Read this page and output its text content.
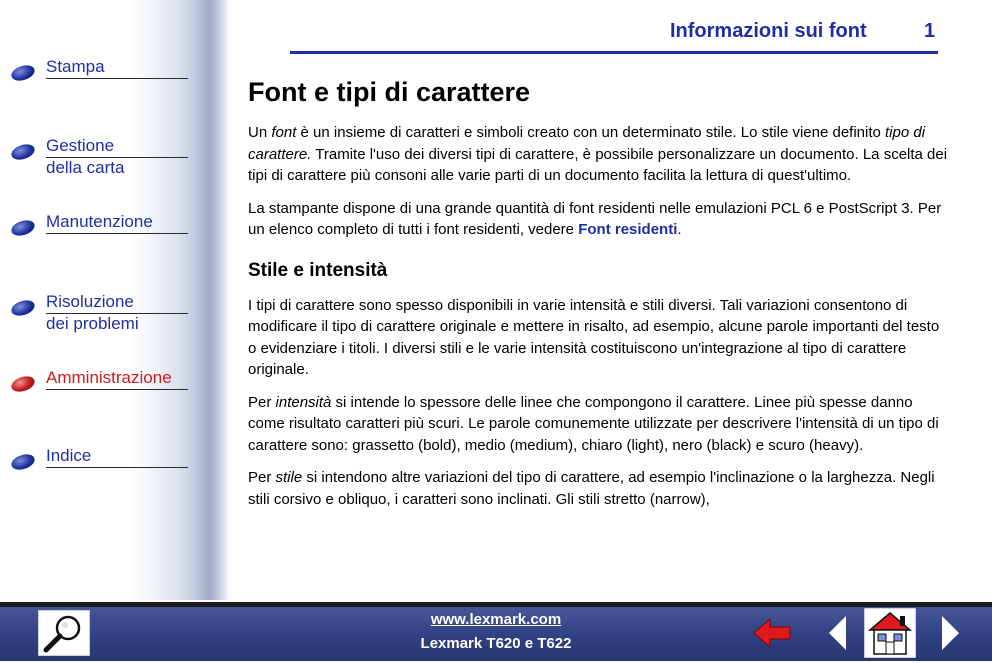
Stampa
Gestione
della carta
Manutenzione
Risoluzione
dei problemi
Amministrazione
Indice
Informazioni sui font	1
Font e tipi di carattere

Un font è un insieme di caratteri e simboli creato con un determinato stile. Lo stile viene definito tipo di carattere. Tramite l'uso dei diversi tipi di carattere, è possibile personalizzare un documento. La scelta dei tipi di carattere più consoni alle varie parti di un documento facilita la lettura di quest'ultimo.

La stampante dispone di una grande quantità di font residenti nelle emulazioni PCL 6 e PostScript 3. Per un elenco completo di tutti i font residenti, vedere Font residenti.

Stile e intensità

I tipi di carattere sono spesso disponibili in varie intensità e stili diversi. Tali variazioni consentono di modificare il tipo di carattere originale e mettere in risalto, ad esempio, alcune parole importanti del testo o evidenziare i titoli. I diversi stili e le varie intensità costituiscono un'integrazione al tipo di carattere originale.

Per intensità si intende lo spessore delle linee che compongono il carattere. Linee più spesse danno come risultato caratteri più scuri. Le parole comunemente utilizzate per descrivere l'intensità di un tipo di carattere sono: grassetto (bold), medio (medium), chiaro (light), nero (black) e scuro (heavy).

Per stile si intendono altre variazioni del tipo di carattere, ad esempio l'inclinazione o la larghezza. Negli stili corsivo e obliquo, i caratteri sono inclinati. Gli stili stretto (narrow),

www.lexmark.com
Lexmark T620 e T622
